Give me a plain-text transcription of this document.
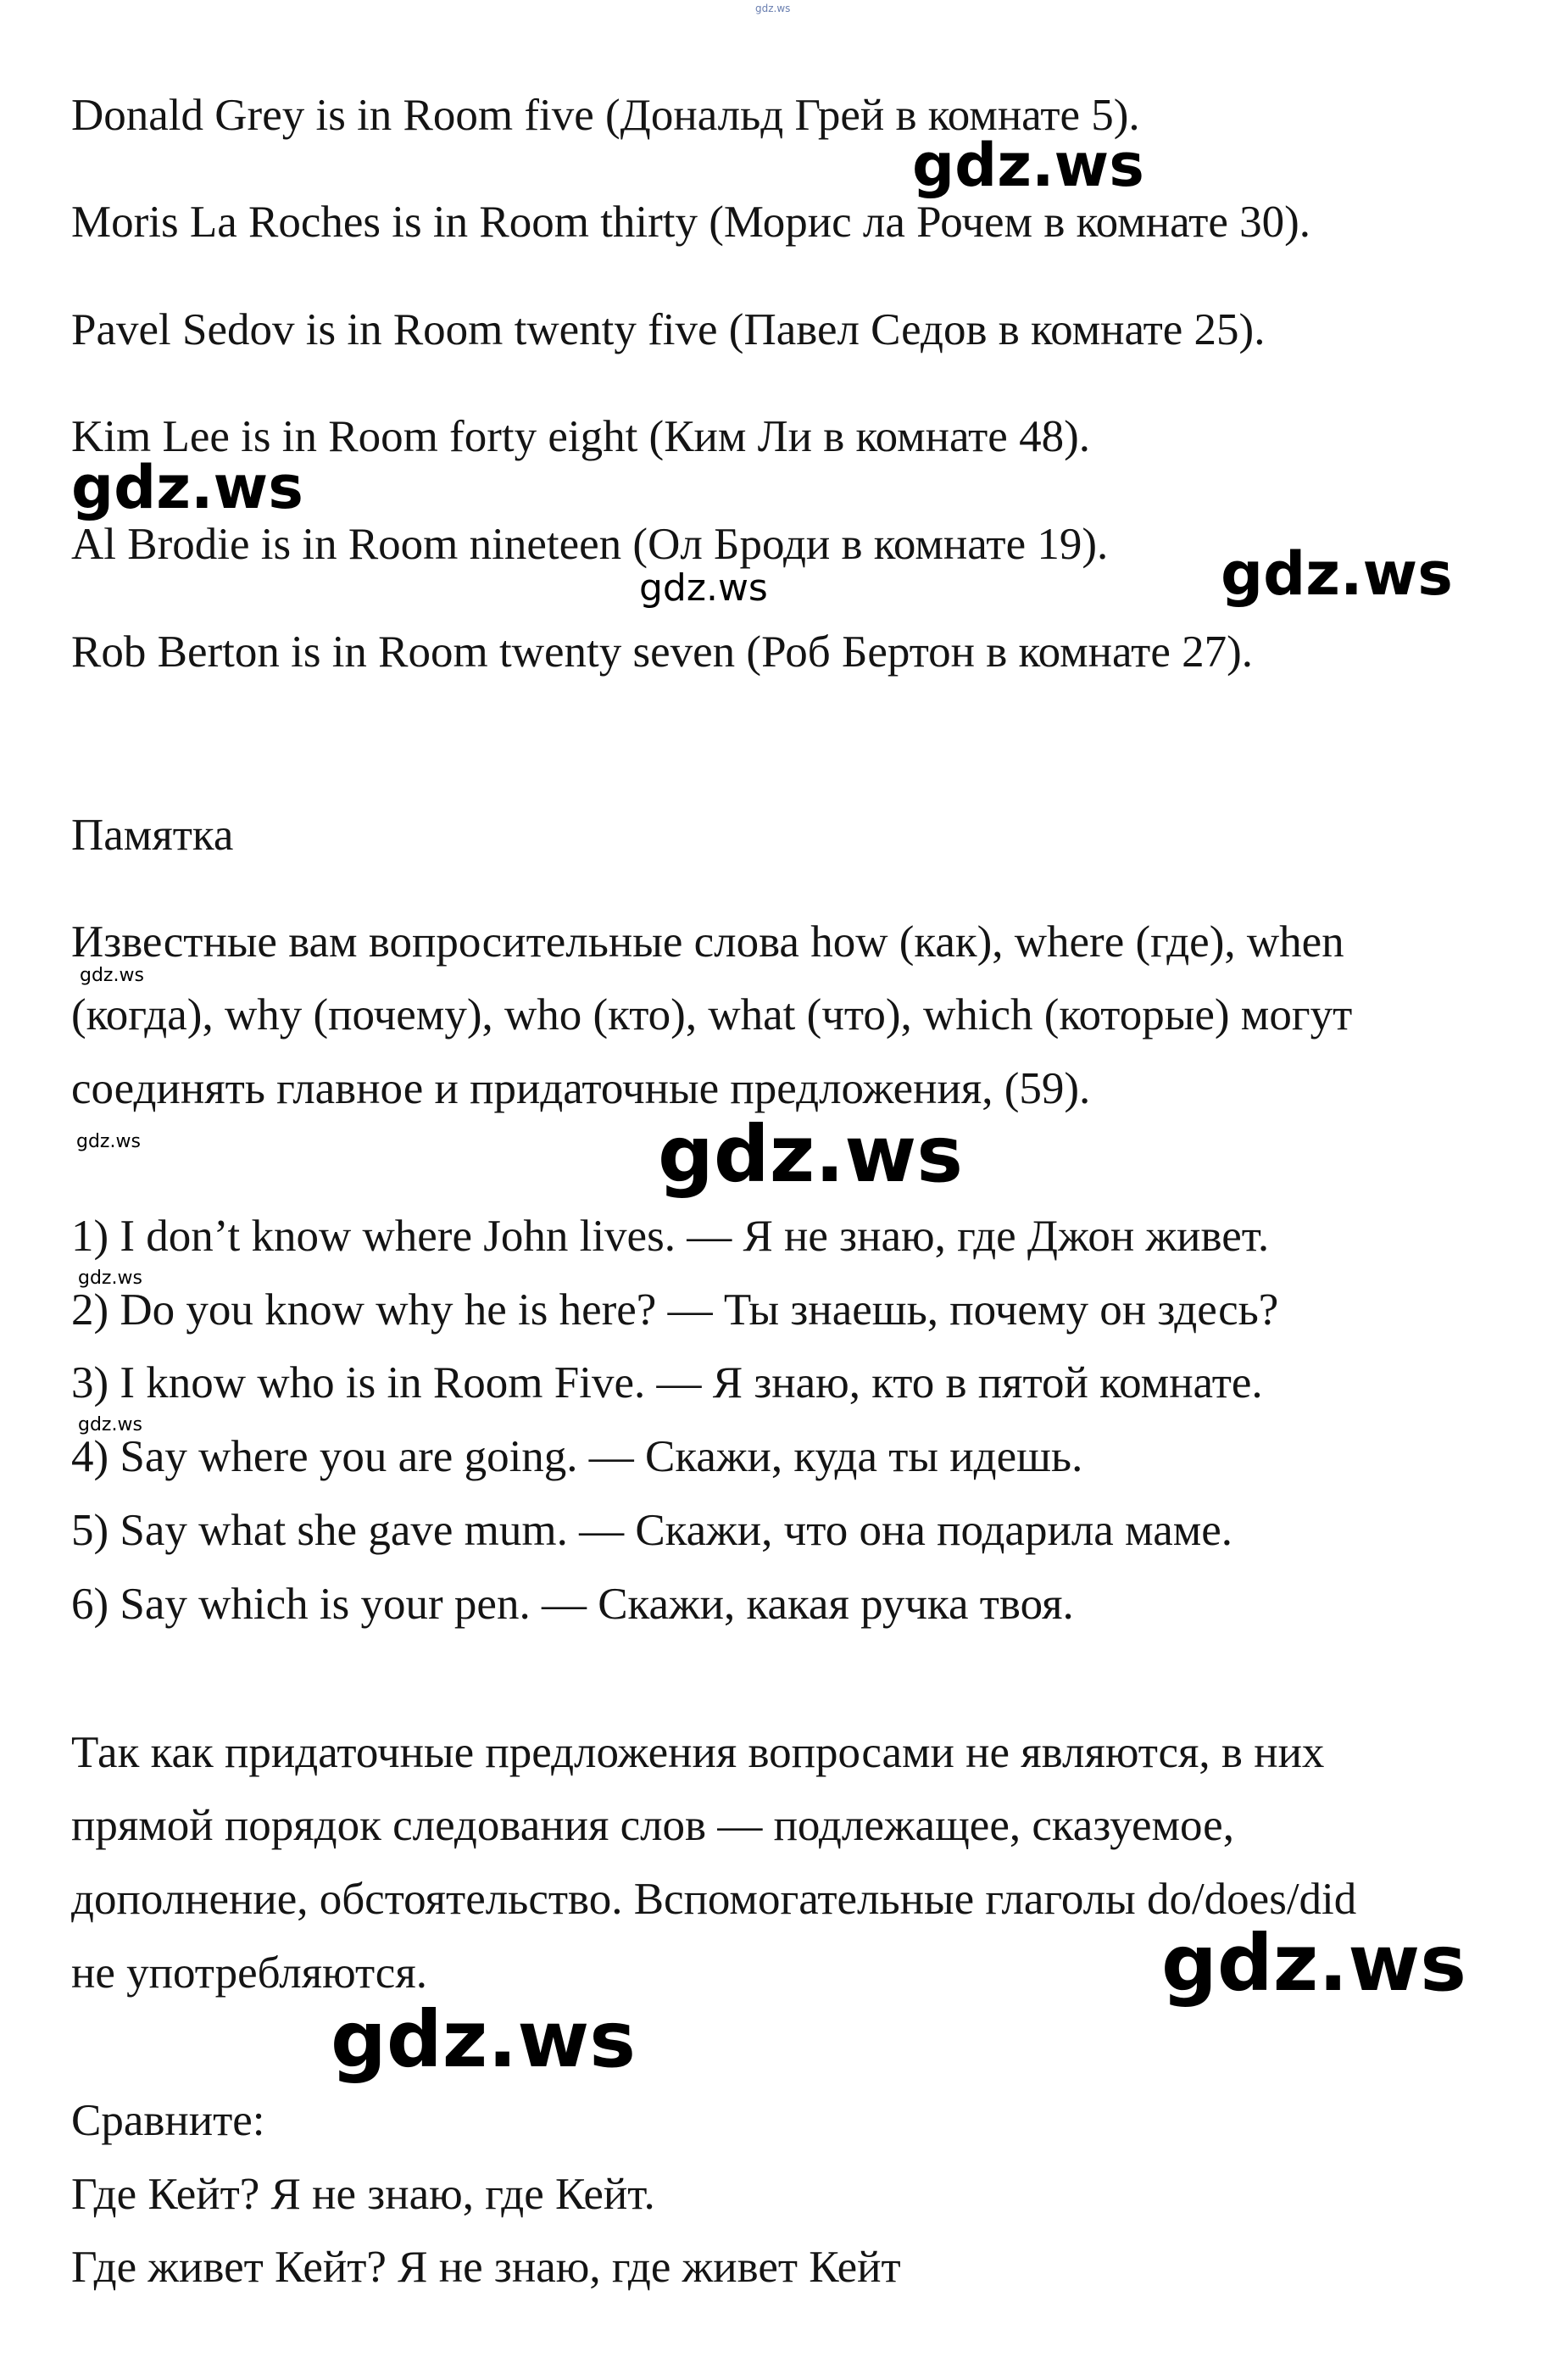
Donald Grey is in Room five (Дональд Грей в комнате 5).

Moris La Roches is in Room thirty (Морис ла Рочем в комнате 30).

Pavel Sedov is in Room twenty five (Павел Седов в комнате 25).

Kim Lee is in Room forty eight (Ким Ли в комнате 48).

Al Brodie is in Room nineteen (Ол Броди в комнате 19).

Rob Berton is in Room twenty seven (Роб Бертон в комнате 27).

Памятка

Известные вам вопросительные слова how (как), where (где), when

(когда), why (почему), who (кто), what (что), which (которые) могут

соединять главное и придаточные предложения, (59).

1) I don’t know where John lives. — Я не знаю, где Джон живет.

2) Do you know why he is here? — Ты знаешь, почему он здесь?

3) I know who is in Room Five. — Я знаю, кто в пятой комнате.

4) Say where you are going. — Скажи, куда ты идешь.

5) Say what she gave mum. — Скажи, что она подарила маме.

6) Say which is your pen. — Скажи, какая ручка твоя.

Так как придаточные предложения вопросами не являются, в них

прямой порядок следования слов — подлежащее, сказуемое,

дополнение, обстоятельство. Вспомогательные глаголы do/does/did

не употребляются.

Сравните:

Где Кейт? Я не знаю, где Кейт.

Где живет Кейт? Я не знаю, где живет Кейт

gdz.ws
gdz.ws
gdz.ws
gdz.ws
gdz.ws
gdz.ws
gdz.ws	gdz.ws
gdz.ws
gdz.ws
gdz.ws
gdz.ws
